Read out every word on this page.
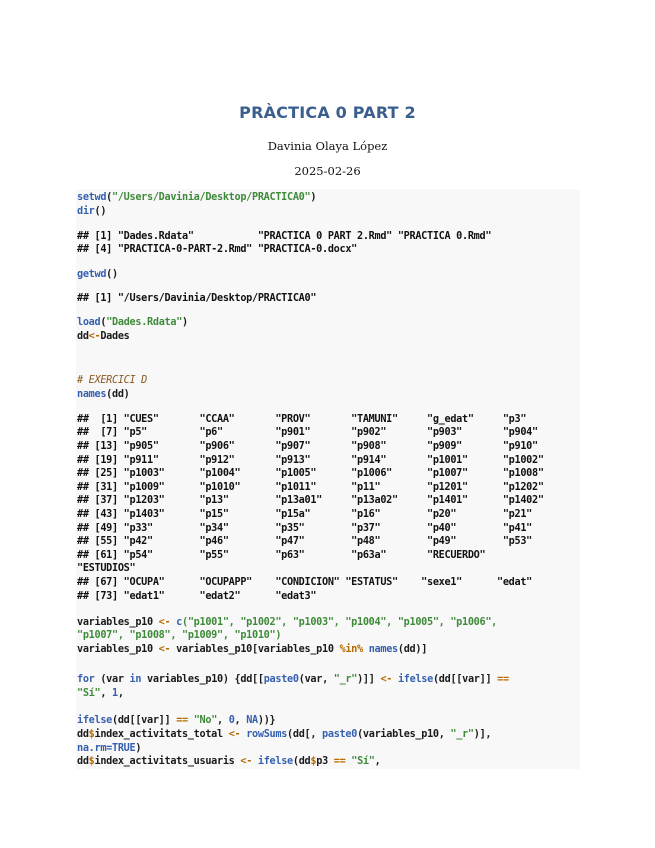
PRÀCTICA 0 PART 2
Davinia Olaya López
2025-02-26
setwd("/Users/Davinia/Desktop/PRACTICA0")
dir()
## [1] "Dades.Rdata"           "PRACTICA 0 PART 2.Rmd" "PRACTICA 0.Rmd"
## [4] "PRACTICA-0-PART-2.Rmd" "PRACTICA-0.docx"
getwd()
## [1] "/Users/Davinia/Desktop/PRACTICA0"
load("Dades.Rdata")
dd<-Dades
# EXERCICI D
names(dd)
##  [1] "CUES"       "CCAA"       "PROV"       "TAMUNI"     "g_edat"     "p3"
##  [7] "p5"         "p6"         "p901"       "p902"       "p903"       "p904"
## [13] "p905"       "p906"       "p907"       "p908"       "p909"       "p910"
## [19] "p911"       "p912"       "p913"       "p914"       "p1001"      "p1002"
## [25] "p1003"      "p1004"      "p1005"      "p1006"      "p1007"      "p1008"
## [31] "p1009"      "p1010"      "p1011"      "p11"        "p1201"      "p1202"
## [37] "p1203"      "p13"        "p13a01"     "p13a02"     "p1401"      "p1402"
## [43] "p1403"      "p15"        "p15a"       "p16"        "p20"        "p21"
## [49] "p33"        "p34"        "p35"        "p37"        "p40"        "p41"
## [55] "p42"        "p46"        "p47"        "p48"        "p49"        "p53"
## [61] "p54"        "p55"        "p63"        "p63a"       "RECUERDO"
"ESTUDIOS"
## [67] "OCUPA"      "OCUPAPP"    "CONDICION" "ESTATUS"    "sexe1"      "edat"
## [73] "edat1"      "edat2"      "edat3"
variables_p10 <- c("p1001", "p1002", "p1003", "p1004", "p1005", "p1006",
"p1007", "p1008", "p1009", "p1010")
variables_p10 <- variables_p10[variables_p10 %in% names(dd)]
for (var in variables_p10) {dd[[paste0(var, "_r")]] <- ifelse(dd[[var]] ==
"Sí", 1,
ifelse(dd[[var]] == "No", 0, NA))}
dd$index_activitats_total <- rowSums(dd[, paste0(variables_p10, "_r")],
na.rm=TRUE)
dd$index_activitats_usuaris <- ifelse(dd$p3 == "Sí",
